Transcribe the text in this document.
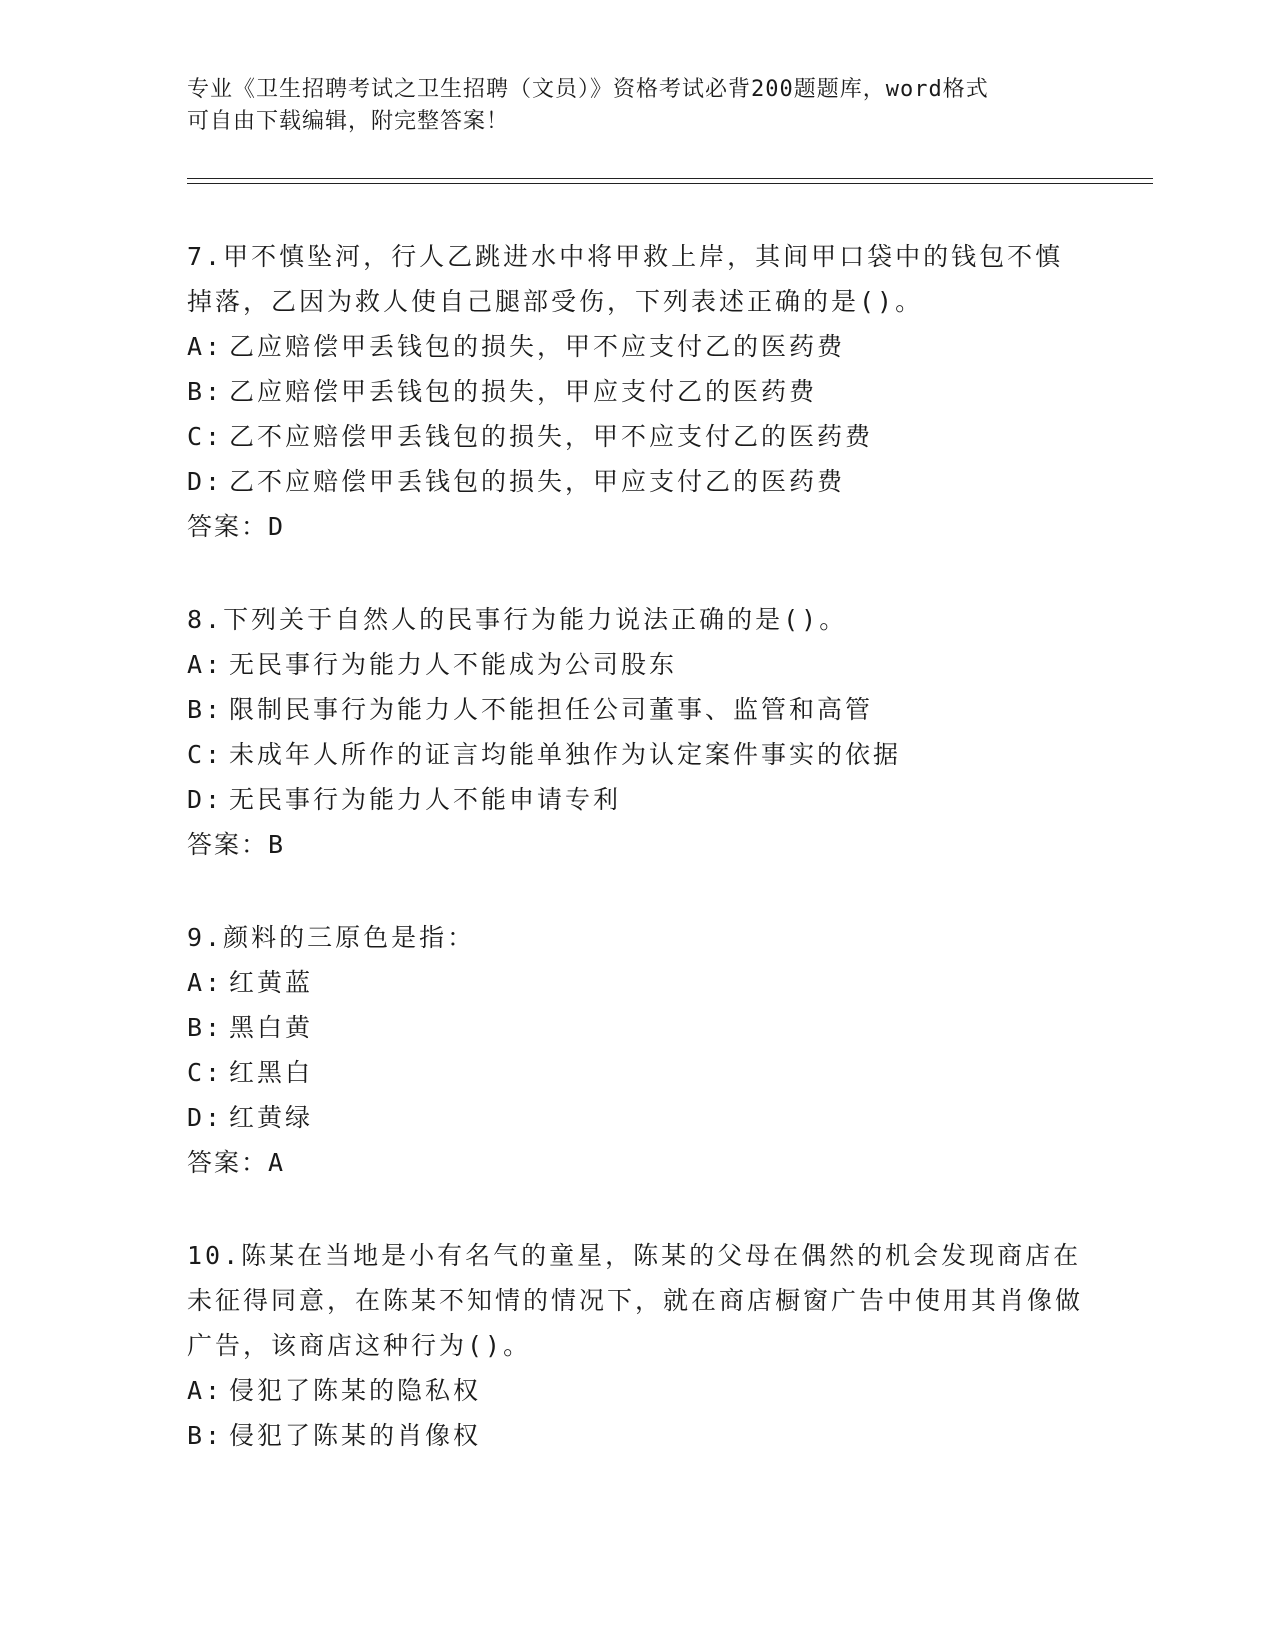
专业《卫生招聘考试之卫生招聘（文员）》资格考试必背200题题库，word格式
可自由下载编辑，附完整答案！
7.甲不慎坠河，行人乙跳进水中将甲救上岸，其间甲口袋中的钱包不慎掉落，乙因为救人使自己腿部受伤，下列表述正确的是()。
A: 乙应赔偿甲丢钱包的损失，甲不应支付乙的医药费
B: 乙应赔偿甲丢钱包的损失，甲应支付乙的医药费
C: 乙不应赔偿甲丢钱包的损失，甲不应支付乙的医药费
D: 乙不应赔偿甲丢钱包的损失，甲应支付乙的医药费
答案：D
8.下列关于自然人的民事行为能力说法正确的是()。
A: 无民事行为能力人不能成为公司股东
B: 限制民事行为能力人不能担任公司董事、监管和高管
C: 未成年人所作的证言均能单独作为认定案件事实的依据
D: 无民事行为能力人不能申请专利
答案：B
9.颜料的三原色是指：
A: 红黄蓝
B: 黑白黄
C: 红黑白
D: 红黄绿
答案：A
10.陈某在当地是小有名气的童星，陈某的父母在偶然的机会发现商店在未征得同意，在陈某不知情的情况下，就在商店橱窗广告中使用其肖像做广告，该商店这种行为()。
A: 侵犯了陈某的隐私权
B: 侵犯了陈某的肖像权
